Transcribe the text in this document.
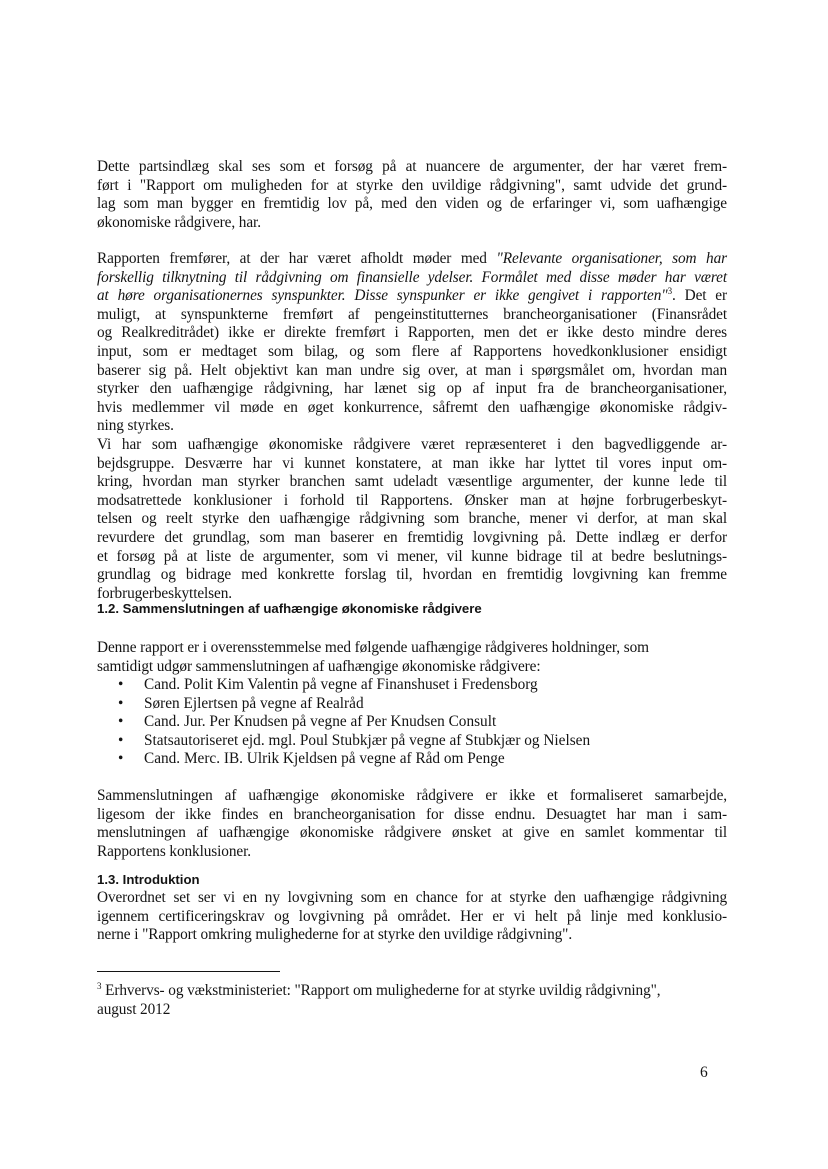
Dette partsindlæg skal ses som et forsøg på at nuancere de argumenter, der har været frem-
ført i "Rapport om muligheden for at styrke den uvildige rådgivning", samt udvide det grund-
lag som man bygger en fremtidig lov på, med den viden og de erfaringer vi, som uafhængige
økonomiske rådgivere, har.
Rapporten fremfører, at der har været afholdt møder med "Relevante organisationer, som har
forskellig tilknytning til rådgivning om finansielle ydelser. Formålet med disse møder har været
at høre organisationernes synspunkter. Disse synspunker er ikke gengivet i rapporten"$^3$. Det er
muligt, at synspunkterne fremført af pengeinstitutternes brancheorganisationer (Finansrådet
og Realkreditrådet) ikke er direkte fremført i Rapporten, men det er ikke desto mindre deres
input, som er medtaget som bilag, og som flere af Rapportens hovedkonklusioner ensidigt
baserer sig på. Helt objektivt kan man undre sig over, at man i spørgsmålet om, hvordan man
styrker den uafhængige rådgivning, har lænet sig op af input fra de brancheorganisationer,
hvis medlemmer vil møde en øget konkurrence, såfremt den uafhængige økonomiske rådgiv-
ning styrkes.
Vi har som uafhængige økonomiske rådgivere været repræsenteret i den bagvedliggende ar-
bejdsgruppe. Desværre har vi kunnet konstatere, at man ikke har lyttet til vores input om-
kring, hvordan man styrker branchen samt udeladt væsentlige argumenter, der kunne lede til
modsatrettede konklusioner i forhold til Rapportens. Ønsker man at højne forbrugerbeskyt-
telsen og reelt styrke den uafhængige rådgivning som branche, mener vi derfor, at man skal
revurdere det grundlag, som man baserer en fremtidig lovgivning på. Dette indlæg er derfor
et forsøg på at liste de argumenter, som vi mener, vil kunne bidrage til at bedre beslutnings-
grundlag og bidrage med konkrette forslag til, hvordan en fremtidig lovgivning kan fremme
forbrugerbeskyttelsen.
1.2. Sammenslutningen af uafhængige økonomiske rådgivere
Denne rapport er i overensstemmelse med følgende uafhængige rådgiveres holdninger, som
samtidigt udgør sammenslutningen af uafhængige økonomiske rådgivere:
• Cand. Polit Kim Valentin på vegne af Finanshuset i Fredensborg
• Søren Ejlertsen på vegne af Realråd
• Cand. Jur. Per Knudsen på vegne af Per Knudsen Consult
• Statsautoriseret ejd. mgl. Poul Stubkjær på vegne af Stubkjær og Nielsen
• Cand. Merc. IB. Ulrik Kjeldsen på vegne af Råd om Penge
Sammenslutningen af uafhængige økonomiske rådgivere er ikke et formaliseret samarbejde,
ligesom der ikke findes en brancheorganisation for disse endnu. Desuagtet har man i sam-
menslutningen af uafhængige økonomiske rådgivere ønsket at give en samlet kommentar til
Rapportens konklusioner.
1.3. Introduktion
Overordnet set ser vi en ny lovgivning som en chance for at styrke den uafhængige rådgivning
igennem certificeringskrav og lovgivning på området. Her er vi helt på linje med konklusio-
nerne i "Rapport omkring mulighederne for at styrke den uvildige rådgivning".
$^3$ Erhvervs- og vækstministeriet: "Rapport om mulighederne for at styrke uvildig rådgivning",
august 2012
6
